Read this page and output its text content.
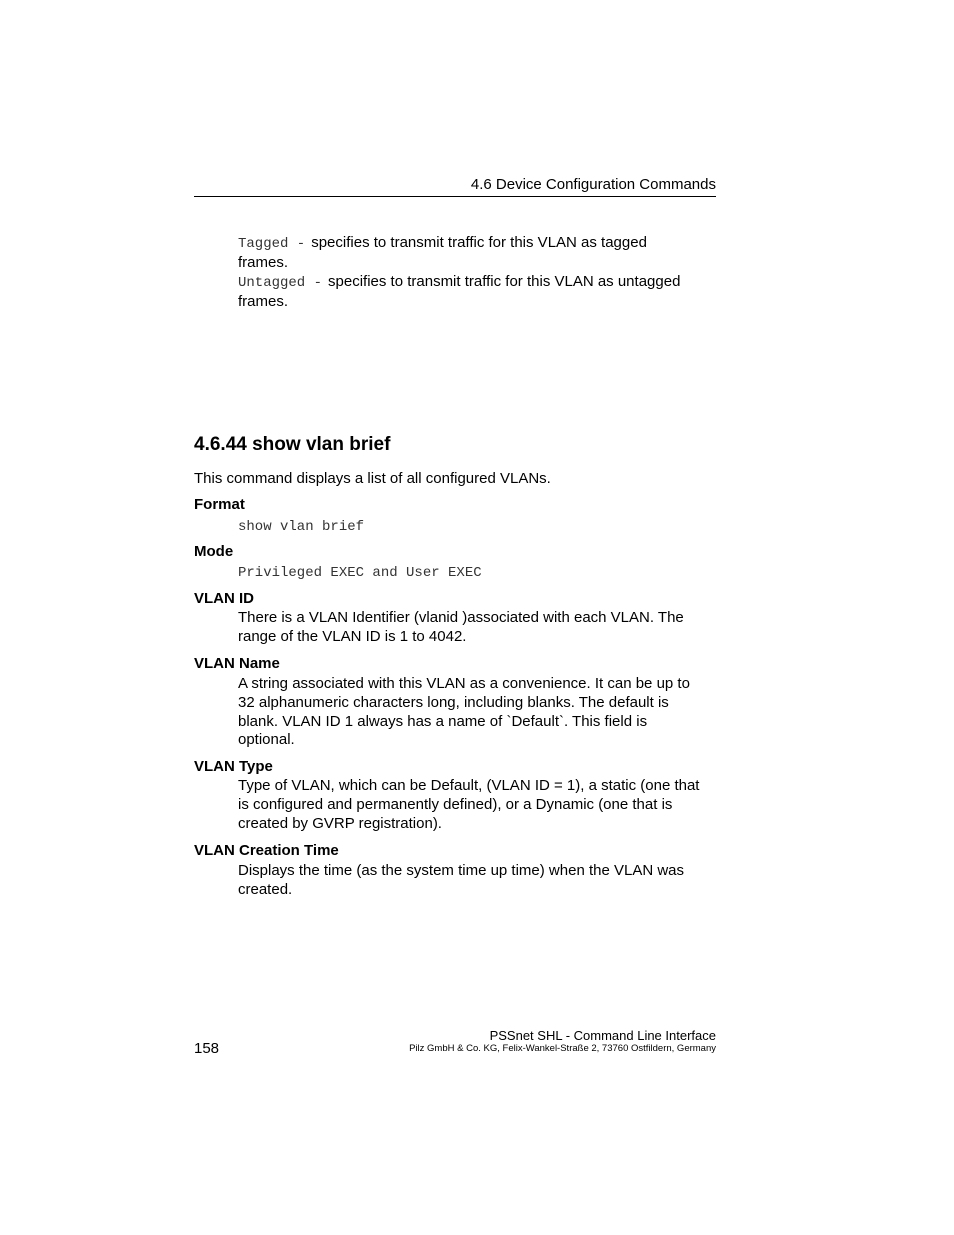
4.6 Device Configuration Commands
Tagged - specifies to transmit traffic for this VLAN as tagged
frames.
Untagged - specifies to transmit traffic for this VLAN as untagged
frames.
4.6.44 show vlan brief
This command displays a list of all configured VLANs.
Format
show vlan brief
Mode
Privileged EXEC and User EXEC
VLAN ID
There is a VLAN Identifier (vlanid )associated with each VLAN. The
range of the VLAN ID is 1 to 4042.
VLAN Name
A string associated with this VLAN as a convenience. It can be up to
32 alphanumeric characters long, including blanks. The default is
blank. VLAN ID 1 always has a name of `Default`. This field is
optional.
VLAN Type
Type of VLAN, which can be Default, (VLAN ID = 1), a static (one that
is configured and permanently defined), or a Dynamic (one that is
created by GVRP registration).
VLAN Creation Time
Displays the time (as the system time up time) when the VLAN was
created.
158
PSSnet SHL - Command Line Interface
Pilz GmbH & Co. KG, Felix-Wankel-Straße 2, 73760 Ostfildern, Germany
